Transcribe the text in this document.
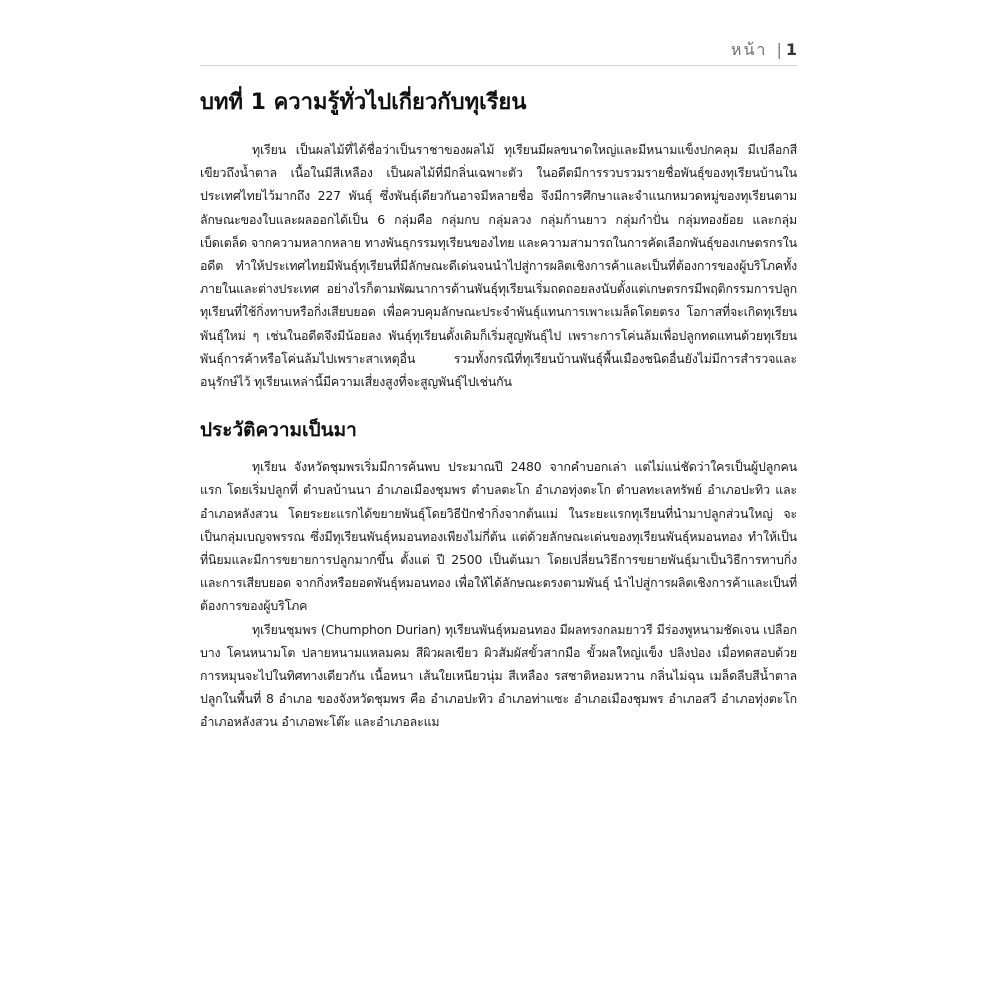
หน้า | 1
บทที่ 1 ความรู้ทั่วไปเกี่ยวกับทุเรียน

ทุเรียน เป็นผลไม้ที่ได้ชื่อว่าเป็นราชาของผลไม้ ทุเรียนมีผลขนาดใหญ่และมีหนามแข็งปกคลุม มีเปลือกสีเขียวถึงน้ำตาล เนื้อในมีสีเหลือง เป็นผลไม้ที่มีกลิ่นเฉพาะตัว ในอดีตมีการรวบรวมรายชื่อพันธุ์ของทุเรียนบ้านในประเทศไทยไว้มากถึง 227 พันธุ์ ซึ่งพันธุ์เดียวกันอาจมีหลายชื่อ จึงมีการศึกษาและจำแนกหมวดหมู่ของทุเรียนตามลักษณะของใบและผลออกได้เป็น 6 กลุ่มคือ กลุ่มกบ กลุ่มลวง กลุ่มก้านยาว กลุ่มกำปั่น กลุ่มทองย้อย และกลุ่มเบ็ดเตล็ด จากความหลากหลาย ทางพันธุกรรมทุเรียนของไทย และความสามารถในการคัดเลือกพันธุ์ของเกษตรกรในอดีต ทำให้ประเทศไทยมีพันธุ์ทุเรียนที่มีลักษณะดีเด่นจนนำไปสู่การผลิตเชิงการค้าและเป็นที่ต้องการของผู้บริโภคทั้งภายในและต่างประเทศ อย่างไรก็ตามพัฒนาการด้านพันธุ์ทุเรียนเริ่มถดถอยลงนับตั้งแต่เกษตรกรมีพฤติกรรมการปลูกทุเรียนที่ใช้กิ่งทาบหรือกิ่งเสียบยอด เพื่อควบคุมลักษณะประจำพันธุ์แทนการเพาะเมล็ดโดยตรง โอกาสที่จะเกิดทุเรียนพันธุ์ใหม่ ๆ เช่นในอดีตจึงมีน้อยลง พันธุ์ทุเรียนดั้งเดิมก็เริ่มสูญพันธุ์ไป เพราะการโค่นล้มเพื่อปลูกทดแทนด้วยทุเรียนพันธุ์การค้าหรือโค่นล้มไปเพราะสาเหตุอื่น รวมทั้งกรณีที่ทุเรียนบ้านพันธุ์พื้นเมืองชนิดอื่นยังไม่มีการสำรวจและอนุรักษ์ไว้ ทุเรียนเหล่านี้มีความเสี่ยงสูงที่จะสูญพันธุ์ไปเช่นกัน

ประวัติความเป็นมา

ทุเรียน จังหวัดชุมพรเริ่มมีการค้นพบ ประมาณปี 2480 จากคำบอกเล่า แต่ไม่แน่ชัดว่าใครเป็นผู้ปลูกคนแรก โดยเริ่มปลูกที่ ตำบลบ้านนา อำเภอเมืองชุมพร ตำบลตะโก อำเภอทุ่งตะโก ตำบลทะเลทรัพย์ อำเภอปะทิว และอำเภอหลังสวน โดยระยะแรกได้ขยายพันธุ์โดยวิธีปักชำกิ่งจากต้นแม่ ในระยะแรกทุเรียนที่นำมาปลูกส่วนใหญ่ จะเป็นกลุ่มเบญจพรรณ ซึ่งมีทุเรียนพันธุ์หมอนทองเพียงไม่กี่ต้น แต่ด้วยลักษณะเด่นของทุเรียนพันธุ์หมอนทอง ทำให้เป็นที่นิยมและมีการขยายการปลูกมากขึ้น ตั้งแต่ ปี 2500 เป็นต้นมา โดยเปลี่ยนวิธีการขยายพันธุ์มาเป็นวิธีการทาบกิ่ง และการเสียบยอด จากกิ่งหรือยอดพันธุ์หมอนทอง เพื่อให้ได้ลักษณะตรงตามพันธุ์ นำไปสู่การผลิตเชิงการค้าและเป็นที่ต้องการของผู้บริโภค

ทุเรียนชุมพร (Chumphon Durian) ทุเรียนพันธุ์หมอนทอง มีผลทรงกลมยาวรี มีร่องพูหนามชัดเจน เปลือกบาง โคนหนามโต ปลายหนามแหลมคม สีผิวผลเขียว ผิวสัมผัสขั้วสากมือ ขั้วผลใหญ่แข็ง ปลิงป่อง เมื่อทดสอบด้วยการหมุนจะไปในทิศทางเดียวกัน เนื้อหนา เส้นใยเหนียวนุ่ม สีเหลือง รสชาติหอมหวาน กลิ่นไม่ฉุน เมล็ดลีบสีน้ำตาล ปลูกในพื้นที่ 8 อำเภอ ของจังหวัดชุมพร คือ อำเภอปะทิว อำเภอท่าแซะ อำเภอเมืองชุมพร อำเภอสวี อำเภอทุ่งตะโก อำเภอหลังสวน อำเภอพะโต๊ะ และอำเภอละแม
